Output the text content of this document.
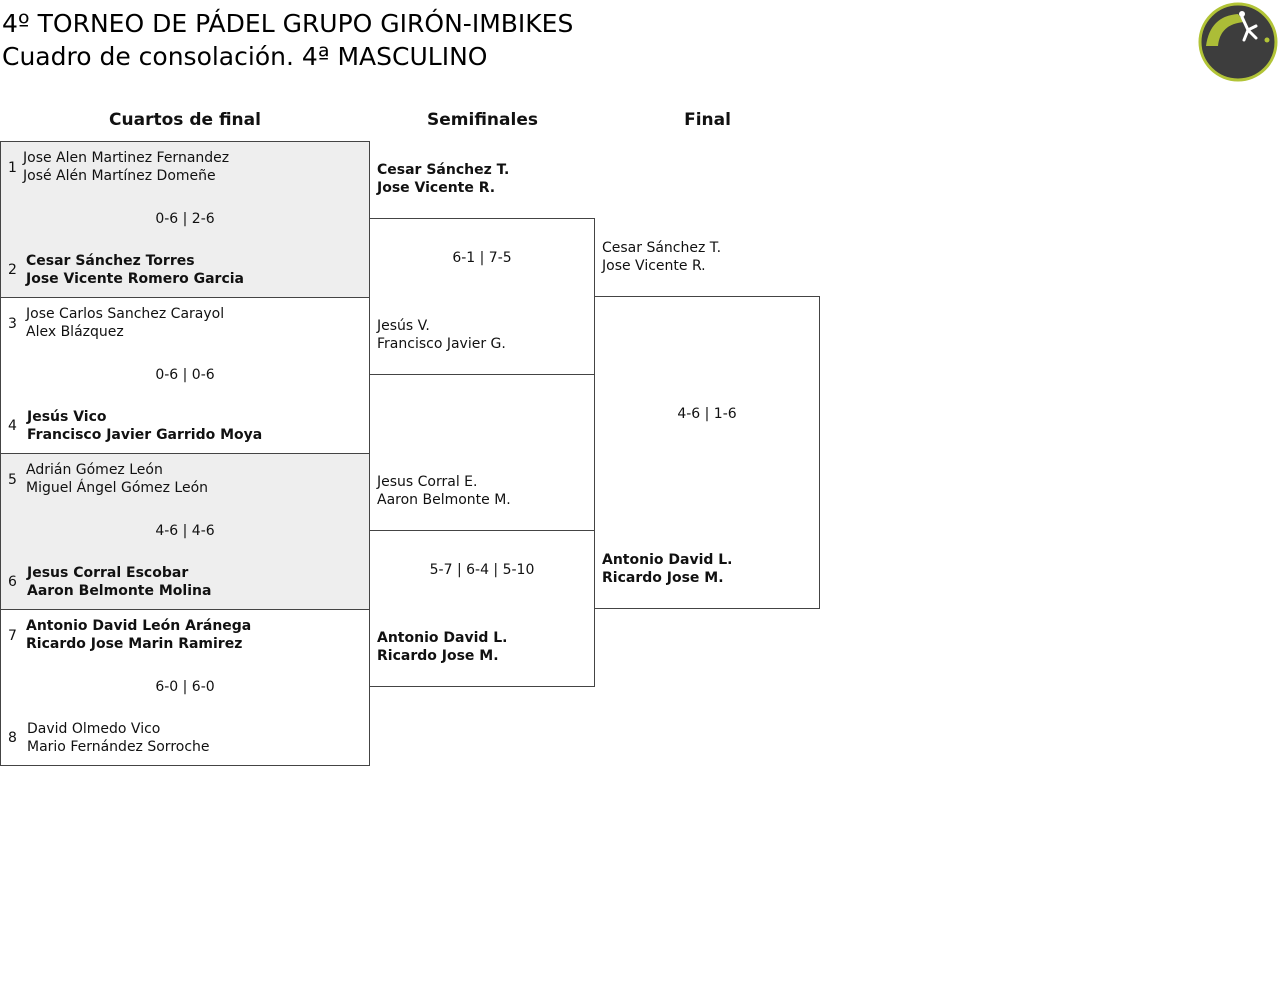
4º TORNEO DE PÁDEL GRUPO GIRÓN-IMBIKES
Cuadro de consolación. 4ª MASCULINO
Cuartos de final	Semifinales	Final
1
Jose Alen Martinez Fernandez
José Alén Martínez Domeñe
0-6 | 2-6
2
Cesar Sánchez Torres
Jose Vicente Romero Garcia
3
Jose Carlos Sanchez Carayol
Alex Blázquez
0-6 | 0-6
4
Jesús Vico
Francisco Javier Garrido Moya
5
Adrián Gómez León
Miguel Ángel Gómez León
4-6 | 4-6
6
Jesus Corral Escobar
Aaron Belmonte Molina
7
Antonio David León Aránega
Ricardo Jose Marin Ramirez
6-0 | 6-0
8
David Olmedo Vico
Mario Fernández Sorroche
Cesar Sánchez T.
Jose Vicente R.
6-1 | 7-5
Jesús V.
Francisco Javier G.
Jesus Corral E.
Aaron Belmonte M.
5-7 | 6-4 | 5-10
Antonio David L.
Ricardo Jose M.
Cesar Sánchez T.
Jose Vicente R.
4-6 | 1-6
Antonio David L.
Ricardo Jose M.
